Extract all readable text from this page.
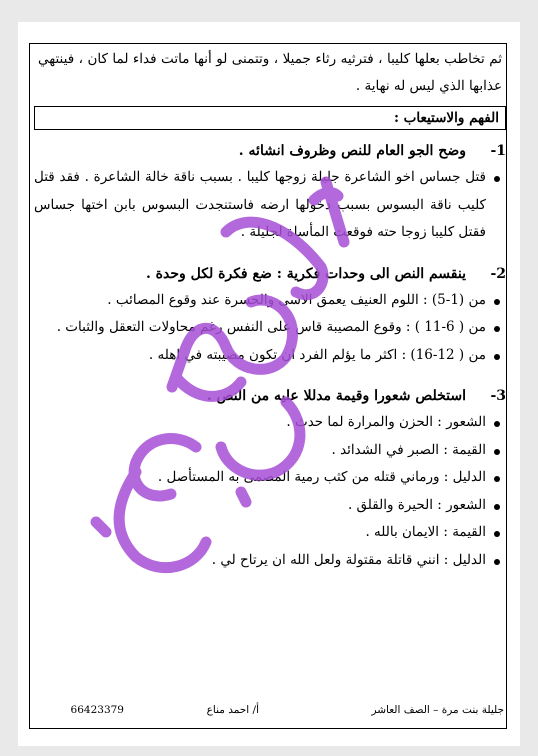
ثم تخاطب بعلها كليبا ، فترثيه رثاء جميلا ، وتتمنى لو أنها ماتت فداء لما كان ، فينتهي عذابها الذي ليس له نهاية .
الفهم والاستيعاب :
1-وضح الجو العام للنص وظروف انشائه .
قتل جساس اخو الشاعرة جليلة زوجها كليبا . بسبب ناقة خالة الشاعرة . فقد قتل كليب ناقة البسوس بسبب دخولها ارضه فاستنجدت البسوس بابن اختها جساس فقتل كليبا زوجا حته فوقعت المأساة لجليلة .
2-ينقسم النص الى وحدات فكرية : ضع فكرة لكل وحدة .
من (1-5) : اللوم العنيف يعمق الاسى والحسرة عند وقوع المصائب .
من ( 6-11 ) : وقوع المصيبة قاس على النفس رغم محاولات التعقل والثبات .
من ( 12-16) : اكثر ما يؤلم الفرد ان تكون مصيبته في اهله .
3-استخلص شعورا وقيمة مدللا عليه من النص .
الشعور : الحزن والمرارة لما حدث .
القيمة : الصبر في الشدائد .
الدليل : ورماني قتله من كثب رمية المصمى به المستأصل .
الشعور : الحيرة والقلق .
القيمة : الايمان بالله .
الدليل : انني قاتلة مقتولة ولعل الله ان يرتاح لي .
جليلة بنت مرة – الصف العاشر
أ/ احمد مناع
66423379
